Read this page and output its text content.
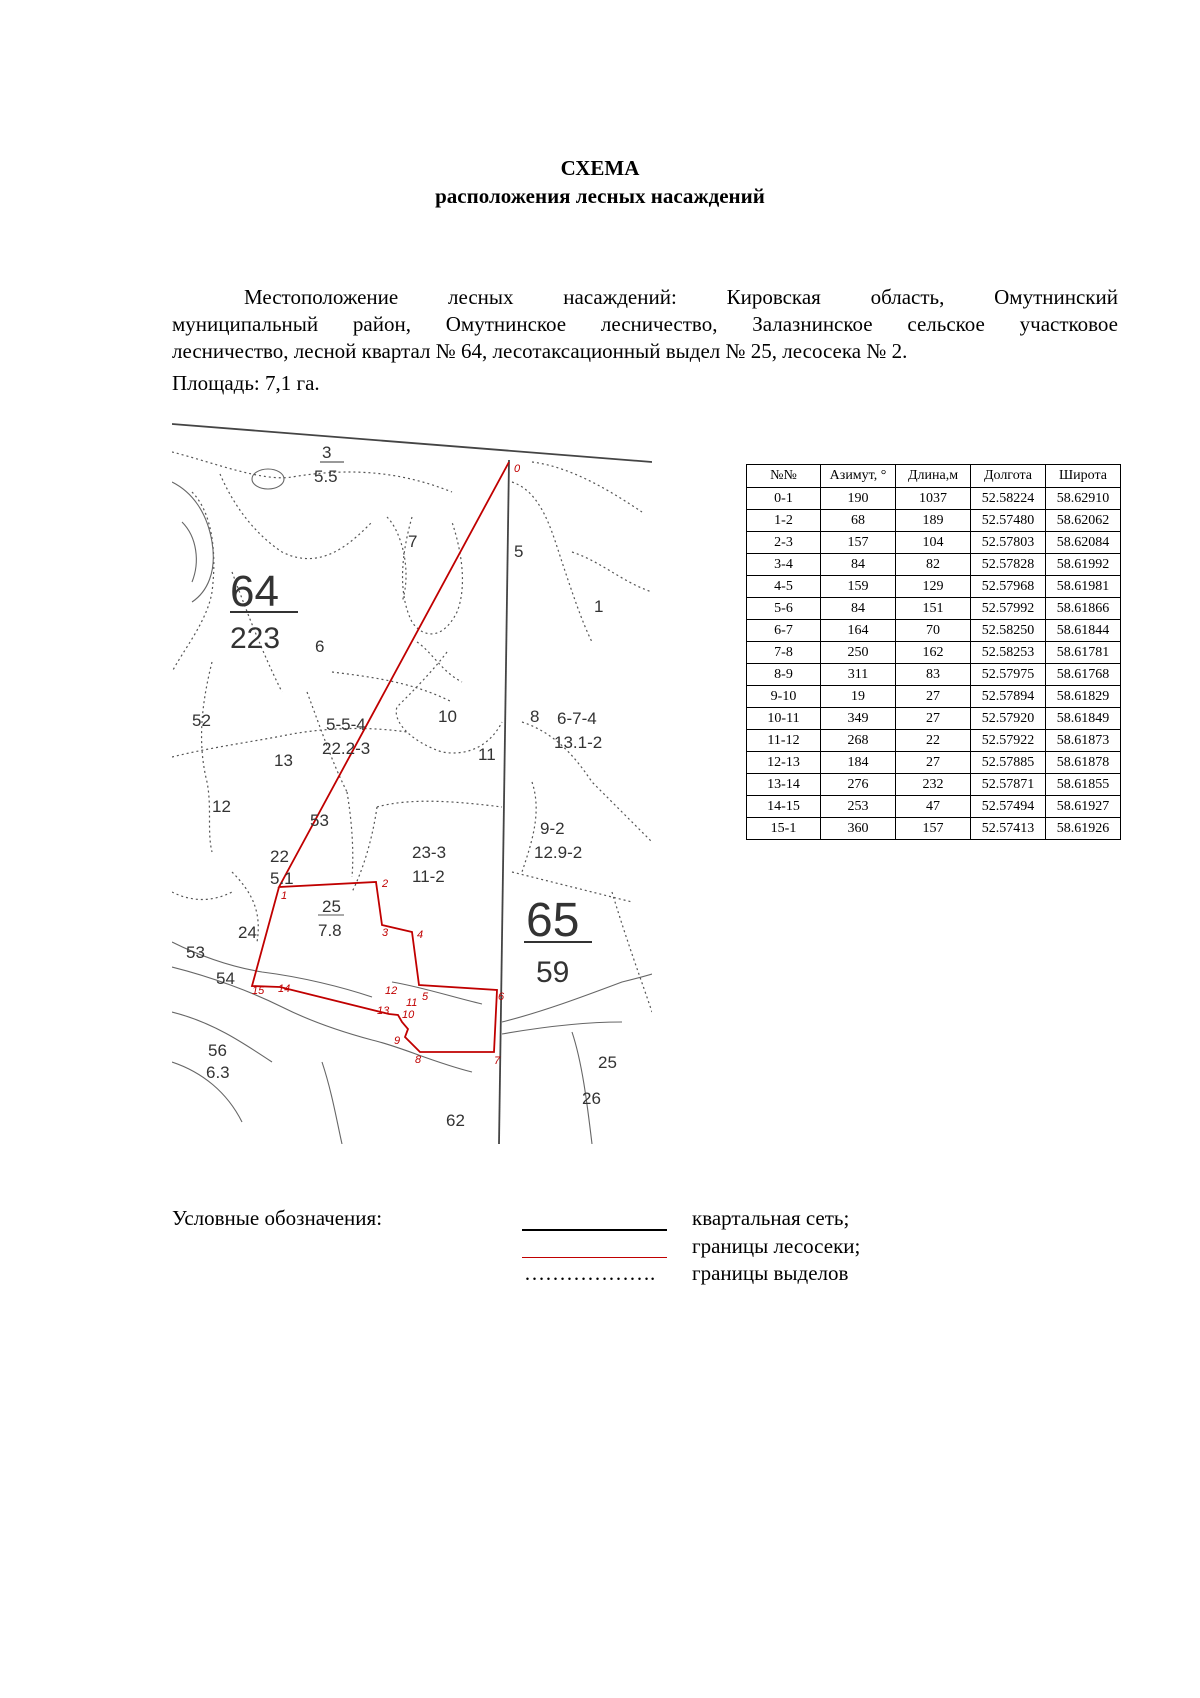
СХЕМА
расположения лесных насаждений
Местоположение лесных насаждений: Кировская область, Омутнинский
муниципальный район, Омутнинское лесничество, Залазнинское сельское участковое
лесничество, лесной квартал № 64, лесотаксационный выдел № 25, лесосека № 2.
Площадь: 7,1 га.
0
1
2
3	4
5	6
7
8
9
10
11
12
13
14
15
64
223
65
59
3
5.5
7
5
1
6
8
10
11
6-7-4
13.1-2
5-5-4
22.2-3
52
13
12
53	9-2
12.9-2
22
5.1
23-3
11-2
25
7.8
24
53
54
56
6.3
62
25
26
№№	Азимут, °	Длина,м	Долгота	Широта
0-1	190	1037	52.58224	58.62910
1-2	68	189	52.57480	58.62062
2-3	157	104	52.57803	58.62084
3-4	84	82	52.57828	58.61992
4-5	159	129	52.57968	58.61981
5-6	84	151	52.57992	58.61866
6-7	164	70	52.58250	58.61844
7-8	250	162	52.58253	58.61781
8-9	311	83	52.57975	58.61768
9-10	19	27	52.57894	58.61829
10-11	349	27	52.57920	58.61849
11-12	268	22	52.57922	58.61873
12-13	184	27	52.57885	58.61878
13-14	276	232	52.57871	58.61855
14-15	253	47	52.57494	58.61927
15-1	360	157	52.57413	58.61926
Условные обозначения:	квартальная сеть;
границы лесосеки;
………………. границы выделов
